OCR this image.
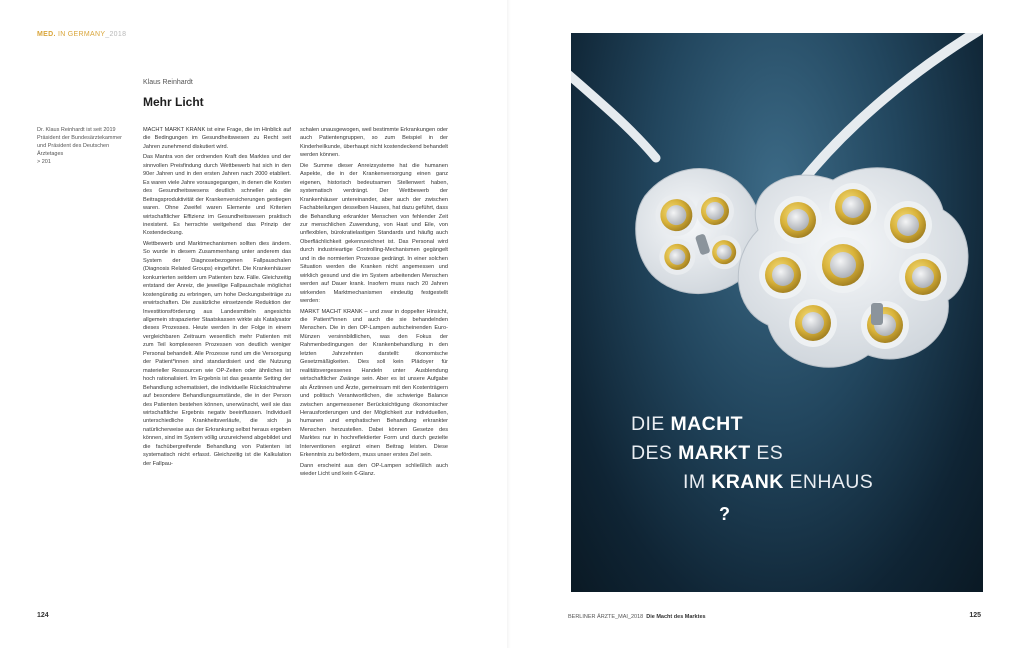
MED. IN GERMANY_2018
Klaus Reinhardt
Mehr Licht
Dr. Klaus Reinhardt ist seit 2019
Präsident der Bundesärztekammer
und Präsident des Deutschen
Ärztetages
> 201

MACHT MARKT KRANK ist eine Frage, die im Hinblick auf die Bedingungen im Gesundheitswesen zu Recht seit Jahren zunehmend diskutiert wird.

Das Mantra von der ordnenden Kraft des Marktes und der sinnvollen Preisfindung durch Wettbewerb hat sich in den 90er Jahren und in den ersten Jahren nach 2000 etabliert. Es waren viele Jahre vorausgegangen, in denen die Kosten des Gesundheitswesens deutlich schneller als die Beitragsproduktivität der Krankenversicherungen gestiegen waren. Ohne Zweifel waren Elemente und Kriterien wirtschaftlicher Effizienz im Gesundheitswesen praktisch inexistent. Es herrschte weitgehend das Prinzip der Kostendeckung.

Wettbewerb und Marktmechanismen sollten dies ändern. So wurde in diesem Zusammenhang unter anderem das System der Diagnosebezogenen Fallpauschalen (Diagnosis Related Groups) eingeführt. Die Krankenhäuser konkurrierten seitdem um Patienten bzw. Fälle. Gleichzeitig entstand der Anreiz, die jeweilige Fallpauschale möglichst kostengünstig zu erbringen, um hohe Deckungsbeiträge zu erwirtschaften. Die zusätzliche einsetzende Reduktion der Investitionsförderung aus Landesmitteln angesichts allgemein strapazierter Staatskassen wirkte als Katalysator dieses Prozesses. Heute werden in der Folge in einem vergleichbaren Zeitraum wesentlich mehr Patienten mit zum Teil komplexeren Prozessen von deutlich weniger Personal behandelt. Alle Prozesse rund um die Versorgung der Patient*innen sind standardisiert und die Nutzung materieller Ressourcen wie OP-Zeiten oder ähnliches ist hoch rationalisiert. Im Ergebnis ist das gesamte Setting der Behandlung schematisiert, die individuelle Rücksichtnahme auf besondere Behandlungsumstände, die in der Person des Patienten bestehen können, unerwünscht, weil sie das wirtschaftliche Ergebnis negativ beeinflussen. Individuell unterschiedliche Krankheitsverläufe, die sich ja natürlicherweise aus der Erkrankung selbst heraus ergeben können, sind im System völlig unzureichend abgebildet und die fachübergreifende Behandlung von Patienten ist systematisch nicht erfasst. Gleichzeitig ist die Kalkulation der Fallpau-

schalen unausgewogen, weil bestimmte Erkrankungen oder auch Patientengruppen, so zum Beispiel in der Kinderheilkunde, überhaupt nicht kostendeckend behandelt werden können.

Die Summe dieser Anreizsysteme hat die humanen Aspekte, die in der Krankenversorgung einen ganz eigenen, historisch bedeutsamen Stellenwert haben, systematisch verdrängt. Der Wettbewerb der Krankenhäuser untereinander, aber auch der zwischen Fachabteilungen desselben Hauses, hat dazu geführt, dass die Behandlung erkrankter Menschen von fehlender Zeit zur menschlichen Zuwendung, von Hast und Eile, von unflexiblen, bürokratielastigen Standards und häufig auch Oberflächlichkeit gekennzeichnet ist. Das Personal wird durch industrieartige Controlling-Mechanismen gegängelt und in die normierten Prozesse gedrängt. In einer solchen Situation werden die Kranken nicht angemessen und wirklich gesund und die im System arbeitenden Menschen werden auf Dauer krank. Insofern muss nach 20 Jahren wirkenden Marktmechanismen eindeutig festgestellt werden:

MARKT MACHT KRANK – und zwar in doppelter Hinsicht, die Patient*innen und auch die sie behandelnden Menschen. Die in den OP-Lampen aufscheinenden Euro-Münzen versinnbildlichen, was den Fokus der Rahmenbedingungen der Krankenbehandlung in den letzten Jahrzehnten darstellt: ökonomische Gesetzmäßigkeiten. Dies soll kein Plädoyer für realitätsvergessenes Handeln unter Ausblendung wirtschaftlicher Zwänge sein. Aber es ist unsere Aufgabe als Ärztinnen und Ärzte, gemeinsam mit den Kostenträgern und politisch Verantwortlichen, die schwierige Balance zwischen angemessener Berücksichtigung ökonomischer Herausforderungen und der Möglichkeit zur individuellen, humanen und emphatischen Behandlung erkrankter Menschen herzustellen. Dabei können Gesetze des Marktes nur in hochreflektierter Form und durch gezielte Interventionen ergänzt einen Beitrag leisten. Diese Erkenntnis zu befördern, muss unser erstes Ziel sein.

Dann erscheint aus den OP-Lampen schließlich auch wieder Licht und kein €-Glanz.

124	BERLINER ÄRZTE_MAI_2018 Die Macht des Marktes	125
DIE MACHT
DES MARKT ES
IM KRANK ENHAUS
?
